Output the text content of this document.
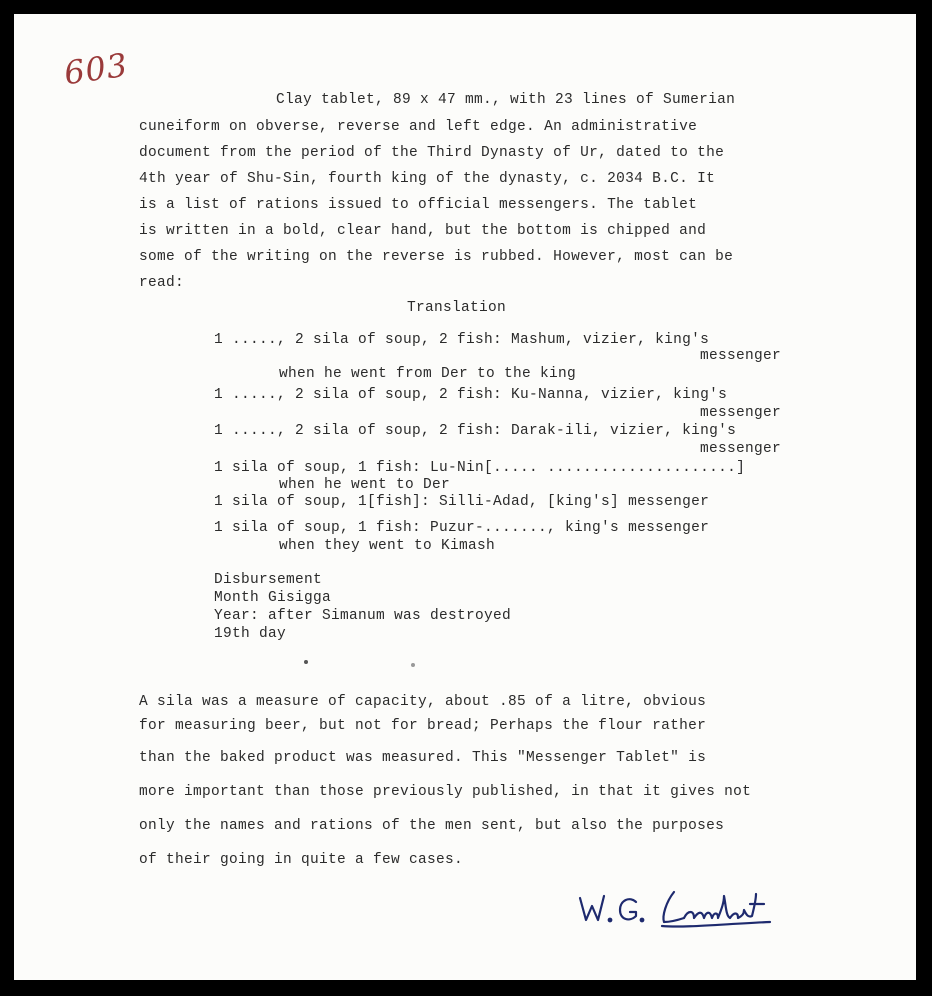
603
Clay tablet, 89 x 47 mm., with 23 lines of Sumerian
cuneiform on obverse, reverse and left edge. An administrative
document from the period of the Third Dynasty of Ur, dated to the
4th year of Shu-Sin, fourth king of the dynasty, c. 2034 B.C. It
is a list of rations issued to official messengers. The tablet
is written in a bold, clear hand, but the bottom is chipped and
some of the writing on the reverse is rubbed. However, most can be
read:
Translation
1 ....., 2 sila of soup, 2 fish: Mashum, vizier, king's
messenger
when he went from Der to the king
1 ....., 2 sila of soup, 2 fish: Ku-Nanna, vizier, king's
messenger
1 ....., 2 sila of soup, 2 fish: Darak-ili, vizier, king's
messenger
1 sila of soup, 1 fish: Lu-Nin[..... .....................]
when he went to Der
1 sila of soup, 1[fish]: Silli-Adad, [king's] messenger
1 sila of soup, 1 fish: Puzur-......., king's messenger
when they went to Kimash
Disbursement
Month Gisigga
Year: after Simanum was destroyed
19th day
A sila was a measure of capacity, about .85 of a litre, obvious
for measuring beer, but not for bread; Perhaps the flour rather
than the baked product was measured. This "Messenger Tablet" is
more important than those previously published, in that it gives not
only the names and rations of the men sent, but also the purposes
of their going in quite a few cases.
